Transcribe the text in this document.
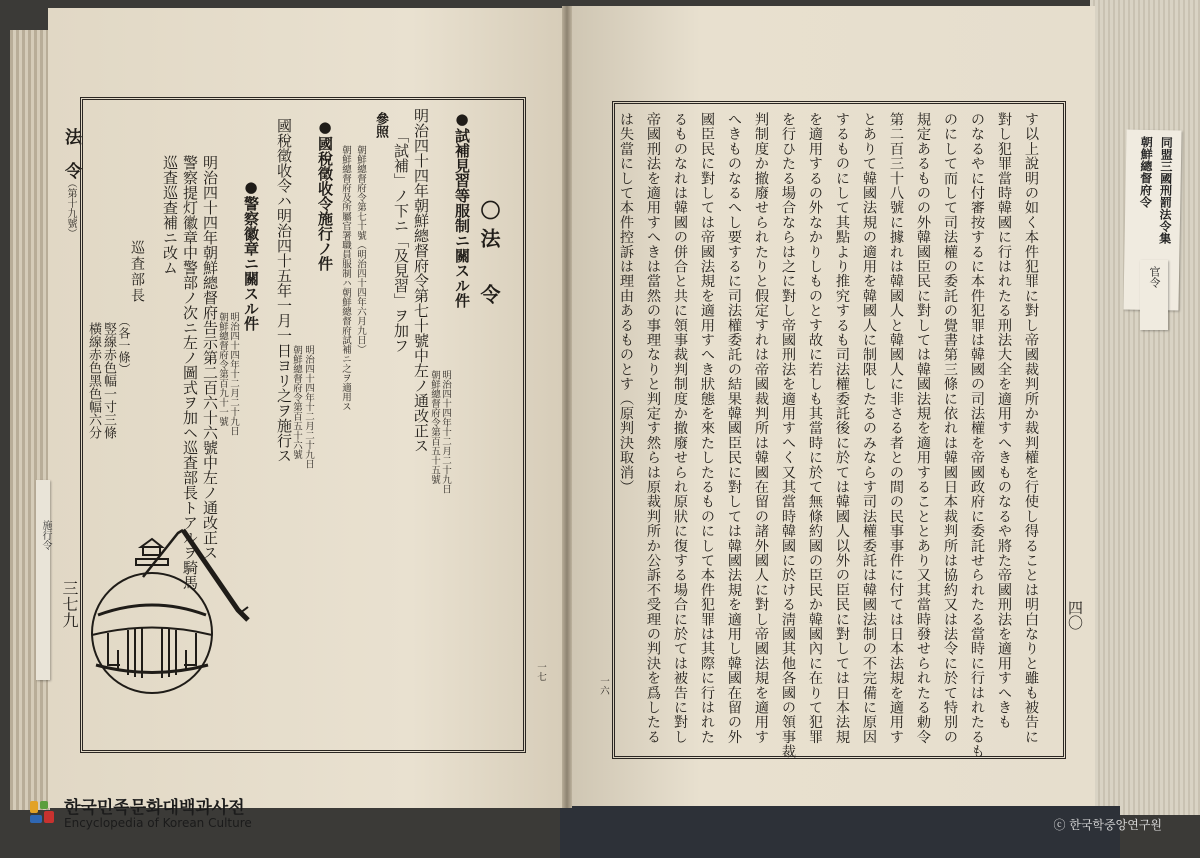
法　令
（第十九號）
三七九
〇法　令
●試補見習等服制ニ關スル件
明治四十四年十二月二十九日
朝鮮總督府令第百五十五號
明治四十四年朝鮮總督府令第七十號中左ノ通改正ス
「試補」ノ下ニ「及見習」ヲ加フ
參照
朝鮮總督府令第七十號（明治四十四年六月九日）
朝鮮總督府及所屬官署職員服制ハ朝鮮總督府試補ニ之ヲ適用ス
●國稅徵收令施行ノ件
明治四十四年十二月二十九日
朝鮮總督府令第百五十六號
國稅徵收令ハ明治四十五年一月一日ヨリ之ヲ施行ス
●警察徽章ニ關スル件
明治四十四年十二月二十九日
朝鮮總督府令第百九十一號
明治四十四年朝鮮總督府告示第二百六十六號中左ノ通改正ス
警察提灯徽章中警部ノ次ニ左ノ圖式ヲ加ヘ巡査部長トアルヲ騎馬
巡査巡查補ニ改ム
巡査部長
（各一條）
竪線赤色幅一寸三條
橫線赤色黑色幅六分
一七
施行令	す以上說明の如く本件犯罪に對し帝國裁判所か裁判權を行使し得ることは明白なりと雖も被告に
對し犯罪當時韓國に行はれたる刑法大全を適用すへきものなるや將た帝國刑法を適用すへきも
のなるやに付審按するに本件犯罪は韓國の司法權を帝國政府に委託せられたる當時に行はれたるも
のにして而して司法權の委託の覺書第三條に依れは韓國日本裁判所は協約又は法令に於て特別の
規定あるものの外韓國臣民に對しては韓國法規を適用することとあり又其當時發せられたる勅令
第二百三十八號に據れは韓國人と韓國人に非さる者との間の民事事件に付ては日本法規を適用す
とありて韓國法規の適用を韓國人に制限したるのみならす司法權委託は韓國法制の不完備に原因
するものにして其點より推究するも司法權委託後に於ては韓國人以外の臣民に對しては日本法規
を適用するの外なかりしものとす故に若しも其當時に於て無條約國の臣民か韓國內に在りて犯罪
を行ひたる場合ならは之に對し帝國刑法を適用すへく又其當時韓國に於ける淸國其他各國の領事裁
判制度か撤廢せられたりと假定すれは帝國裁判所は韓國在留の諸外國人に對し帝國法規を適用す
へきものなるへし要するに司法權委託の結果韓國臣民に對しては韓國法規を適用し韓國在留の外
國臣民に對しては帝國法規を適用すへき狀態を來たしたるものにして本件犯罪は其際に行はれた
るものなれは韓國の併合と共に領事裁判制度か撤廢せられ原狀に復する場合に於ては被告に對し
帝國刑法を適用すへきは當然の事理なりと判定す然らは原裁判所か公訴不受理の判決を爲したる
は失當にして本件控訴は理由あるものとす（原判決取消）
一六
四〇
同盟三國刑罰法令集
朝鮮總督府令
官令
한국민족문화대백과사전
Encyclopedia of Korean Culture	ⓒ 한국학중앙연구원
